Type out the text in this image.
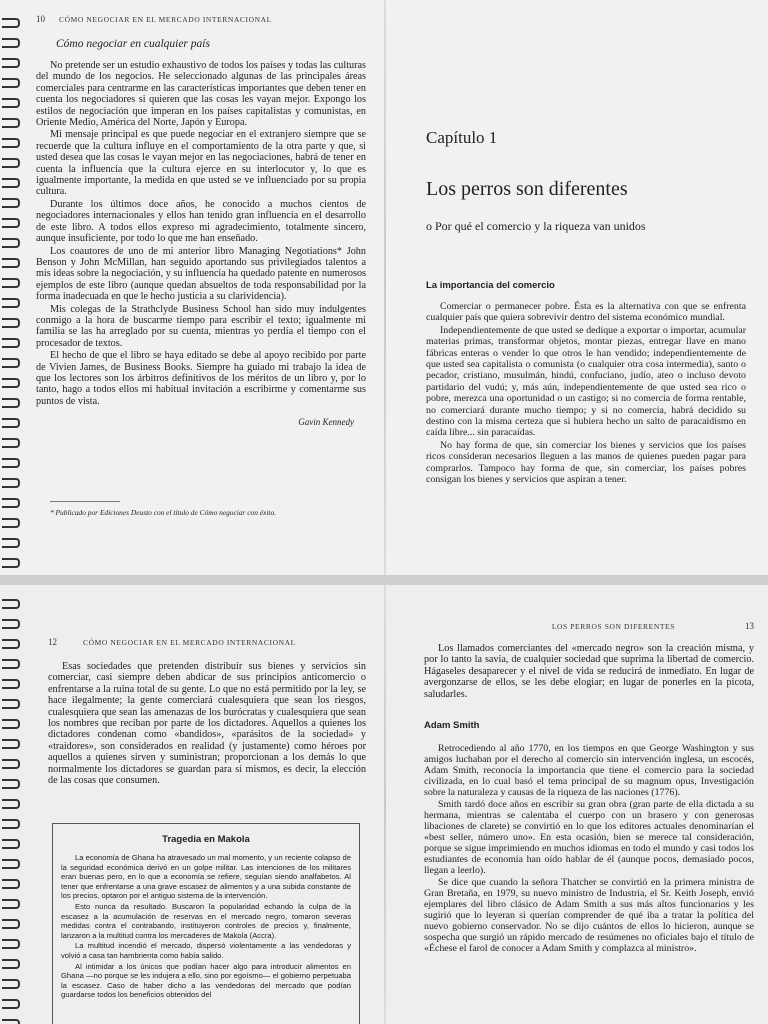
10 CÓMO NEGOCIAR EN EL MERCADO INTERNACIONAL
Cómo negociar en cualquier país

No pretende ser un estudio exhaustivo de todos los países y todas las culturas del mundo de los negocios. He seleccionado algunas de las principales áreas comerciales para centrarme en las características importantes que deben tener en cuenta los negociadores si quieren que las cosas les vayan mejor. Expongo los estilos de negociación que imperan en los países capitalistas y comunistas, en Oriente Medio, América del Norte, Japón y Europa.

Mi mensaje principal es que puede negociar en el extranjero siempre que se recuerde que la cultura influye en el comportamiento de la otra parte y que, si usted desea que las cosas le vayan mejor en las negociaciones, habrá de tener en cuenta la influencia que la cultura ejerce en su interlocutor y, lo que es igualmente importante, la medida en que usted se ve influenciado por su propia cultura.

Durante los últimos doce años, he conocido a muchos cientos de negociadores internacionales y ellos han tenido gran influencia en el desarrollo de este libro. A todos ellos expreso mi agradecimiento, totalmente sincero, aunque insuficiente, por todo lo que me han enseñado.

Los coautores de uno de mi anterior libro Managing Negotiations* John Benson y John McMillan, han seguido aportando sus privilegiados talentos a mis ideas sobre la negociación, y su influencia ha quedado patente en numerosos ejemplos de este libro (aunque quedan absueltos de toda responsabilidad por la forma inadecuada en que le hecho justicia a su clarividencia).

Mis colegas de la Strathclyde Business School han sido muy indulgentes conmigo a la hora de buscarme tiempo para escribir el texto; igualmente mi familia se las ha arreglado por su cuenta, mientras yo perdía el tiempo con el procesador de textos.

El hecho de que el libro se haya editado se debe al apoyo recibido por parte de Vivien James, de Business Books. Siempre ha guiado mi trabajo la idea de que los lectores son los árbitros definitivos de los méritos de un libro y, por lo tanto, hago a todos ellos mi habitual invitación a escribirme y comentarme sus puntos de vista.

Gavin Kennedy
* Publicado por Ediciones Deusto con el título de Cómo negociar con éxito.
Capítulo 1
Los perros son diferentes
o Por qué el comercio y la riqueza van unidos
La importancia del comercio

Comerciar o permanecer pobre. Ésta es la alternativa con que se enfrenta cualquier país que quiera sobrevivir dentro del sistema económico mundial.

Independientemente de que usted se dedique a exportar o importar, acumular materias primas, transformar objetos, montar piezas, entregar llave en mano fábricas enteras o vender lo que otros le han vendido; independientemente de que usted sea capitalista o comunista (o cualquier otra cosa intermedia), santo o pecador, cristiano, musulmán, hindú, confuciano, judío, ateo o incluso devoto partidario del vudú; y, más aún, independientemente de que usted sea rico o pobre, merezca una oportunidad o un castigo; si no comercia de forma rentable, no comerciará durante mucho tiempo; y si no comercia, habrá decidido su destino con la misma certeza que si hubiera hecho un salto de paracaidismo en caída libre... sin paracaídas.

No hay forma de que, sin comerciar los bienes y servicios que los países ricos consideran necesarios lleguen a las manos de quienes pueden pagar para comprarlos. Tampoco hay forma de que, sin comerciar, los países pobres consigan los bienes y servicios que aspiran a tener.

12	CÓMO NEGOCIAR EN EL MERCADO INTERNACIONAL

Esas sociedades que pretenden distribuir sus bienes y servicios sin comerciar, casi siempre deben abdicar de sus principios anticomercio o enfrentarse a la ruina total de su gente. Lo que no está permitido por la ley, se hace ilegalmente; la gente comerciará cualesquiera que sean los riesgos, cualesquiera que sean las amenazas de los burócratas y cualesquiera que sean los nombres que reciban por parte de los dictadores. Aquellos a quienes los dictadores condenan como «bandidos», «parásitos de la sociedad» y «traidores», son considerados en realidad (y justamente) como héroes por aquellos a quienes sirven y suministran; proporcionan a los demás lo que normalmente los dictadores se guardan para sí mismos, es decir, la elección de las cosas que consumen.

Tragedia en Makola

La economía de Ghana ha atravesado un mal momento, y un reciente colapso de la seguridad económica derivó en un golpe militar. Las intenciones de los militares eran buenas pero, en lo que a economía se refiere, seguían siendo analfabetos. Al tener que enfrentarse a una grave escasez de alimentos y a una subida constante de los precios, optaron por el antiguo sistema de la intervención.

Esto nunca da resultado. Buscaron la popularidad echando la culpa de la escasez a la acumulación de reservas en el mercado negro, tomaron severas medidas contra el contrabando, instituyeron controles de precios y, finalmente, lanzaron a la multitud contra los mercaderes de Makola (Accra).

La multitud incendió el mercado, dispersó violentamente a las vendedoras y volvió a casa tan hambrienta como había salido.

Al intimidar a los únicos que podían hacer algo para introducir alimentos en Ghana —no porque se les indujera a ello, sino por egoísmo— el gobierno perpetuaba la escasez. Caso de haber dicho a las vendedoras del mercado que podían guardarse todos los beneficios obtenidos del

LOS PERROS SON DIFERENTES	13

Los llamados comerciantes del «mercado negro» son la creación misma, y por lo tanto la savia, de cualquier sociedad que suprima la libertad de comercio. Hágaseles desaparecer y el nivel de vida se reducirá de inmediato. En lugar de avergonzarse de ellos, se les debe elogiar; en lugar de ponerles en la picota, saludarles.

Adam Smith

Retrocediendo al año 1770, en los tiempos en que George Washington y sus amigos luchaban por el derecho al comercio sin intervención inglesa, un escocés, Adam Smith, reconocía la importancia que tiene el comercio para la sociedad civilizada, en lo cual basó el tema principal de su magnum opus, Investigación sobre la naturaleza y causas de la riqueza de las naciones (1776).

Smith tardó doce años en escribir su gran obra (gran parte de ella dictada a su hermana, mientras se calentaba el cuerpo con un brasero y con generosas libaciones de clarete) se convirtió en lo que los editores actuales denominarían el «best seller, número uno». En esta ocasión, bien se merece tal consideración, porque se sigue imprimiendo en muchos idiomas en todo el mundo y casi todos los estudiantes de economía han oído hablar de él (aunque pocos, demasiado pocos, llegan a leerlo).

Se dice que cuando la señora Thatcher se convirtió en la primera ministra de Gran Bretaña, en 1979, su nuevo ministro de Industria, el Sr. Keith Joseph, envió ejemplares del libro clásico de Adam Smith a sus más altos funcionarios y les sugirió que lo leyeran si querían comprender de qué iba a tratar la política del nuevo gobierno conservador. No se dijo cuántos de ellos lo hicieron, aunque se sospecha que surgió un rápido mercado de resúmenes no oficiales bajo el título de «Échese el farol de conocer a Adam Smith y complazca al ministro».
